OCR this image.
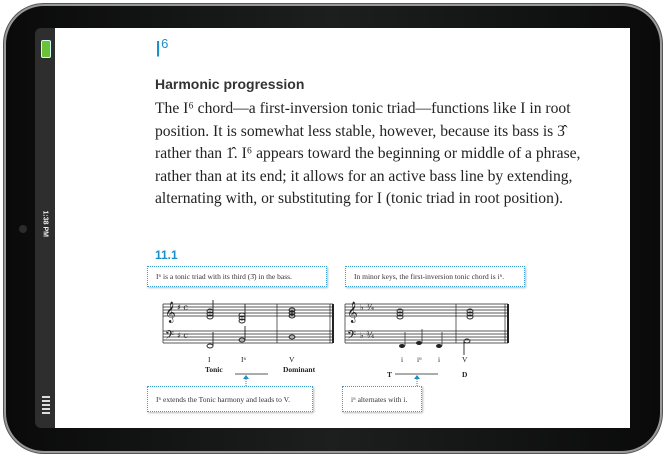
1:38 PM
$I^6$
Harmonic progression
The I⁶ chord—a first-inversion tonic triad—functions like I in root position. It is somewhat less stable, however, because its bass is 3̂ rather than 1̂. I⁶ appears toward the beginning or middle of a phrase, rather than at its end; it allows for an active bass line by extending, alternating with, or substituting for I (tonic triad in root position).
11.1
I⁶ is a tonic triad with its third (3̂) in the bass.	In minor keys, the first-inversion tonic chord is i⁶.
I⁶ extends the Tonic harmony and leads to V.	i⁶ alternates with i.
𝄞
𝄢
𝄞
𝄢
♯ c
♯ c
♭ ¾
♭ ¾
I	I⁶	V
Tonic	Dominant
i i⁶ i	V
T	D
